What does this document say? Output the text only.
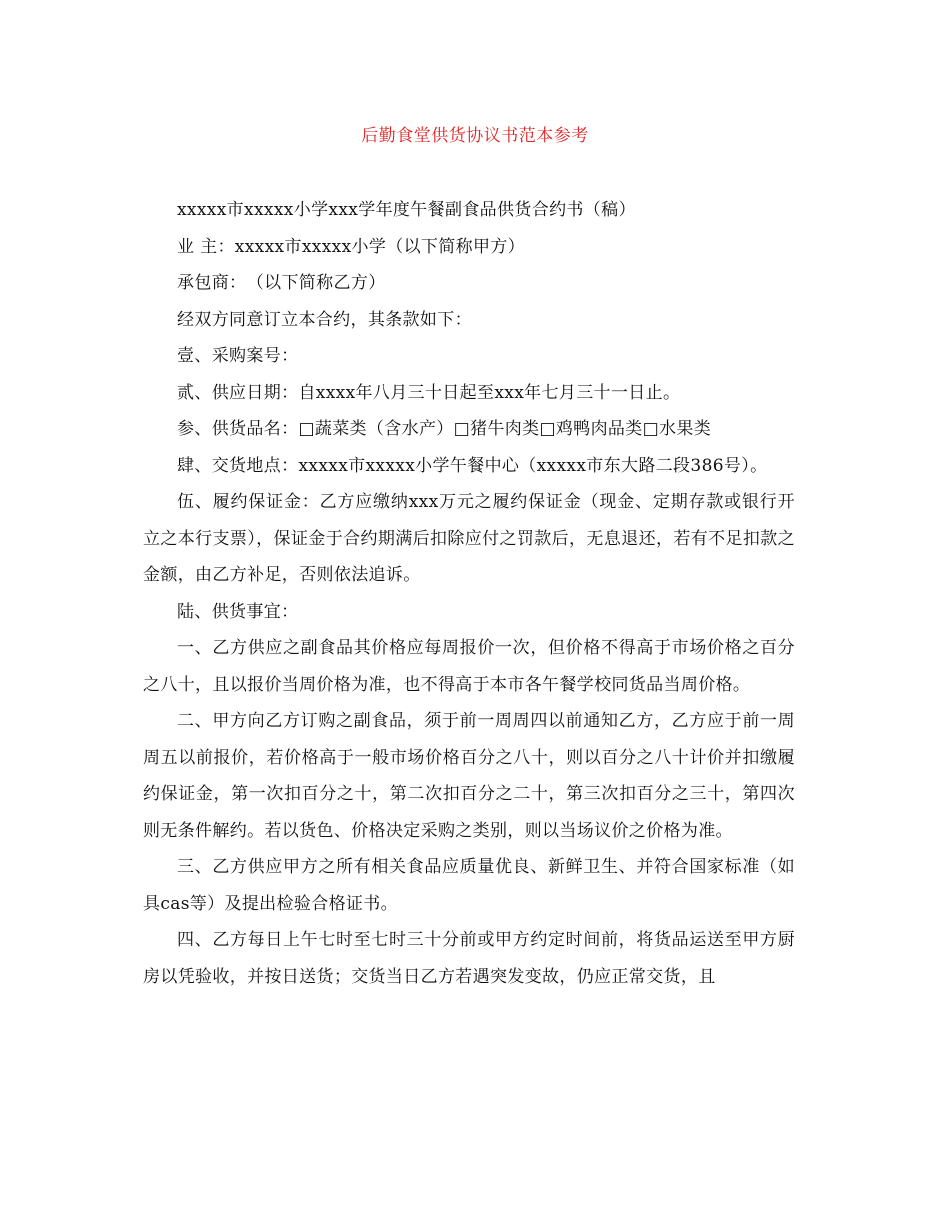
后勤食堂供货协议书范本参考

xxxxx市xxxxx小学xxx学年度午餐副食品供货合约书（稿）

业 主：xxxxx市xxxxx小学（以下简称甲方）

承包商：　（以下简称乙方）

经双方同意订立本合约，其条款如下：

壹、采购案号：

贰、供应日期：自xxxx年八月三十日起至xxx年七月三十一日止。

参、供货品名：□蔬菜类（含水产）□猪牛肉类□鸡鸭肉品类□水果类

肆、交货地点：xxxxx市xxxxx小学午餐中心（xxxxx市东大路二段386号）。

伍、履约保证金：乙方应缴纳xxx万元之履约保证金（现金、定期存款或银行开立之本行支票），保证金于合约期满后扣除应付之罚款后，无息退还，若有不足扣款之金额，由乙方补足，否则依法追诉。

陆、供货事宜：

一、乙方供应之副食品其价格应每周报价一次，但价格不得高于市场价格之百分之八十，且以报价当周价格为准，也不得高于本市各午餐学校同货品当周价格。

二、甲方向乙方订购之副食品，须于前一周周四以前通知乙方，乙方应于前一周周五以前报价，若价格高于一般市场价格百分之八十，则以百分之八十计价并扣缴履约保证金，第一次扣百分之十，第二次扣百分之二十，第三次扣百分之三十，第四次则无条件解约。若以货色、价格决定采购之类别，则以当场议价之价格为准。

三、乙方供应甲方之所有相关食品应质量优良、新鲜卫生、并符合国家标准（如具cas等）及提出检验合格证书。

四、乙方每日上午七时至七时三十分前或甲方约定时间前，将货品运送至甲方厨房以凭验收，并按日送货；交货当日乙方若遇突发变故，仍应正常交货，且
